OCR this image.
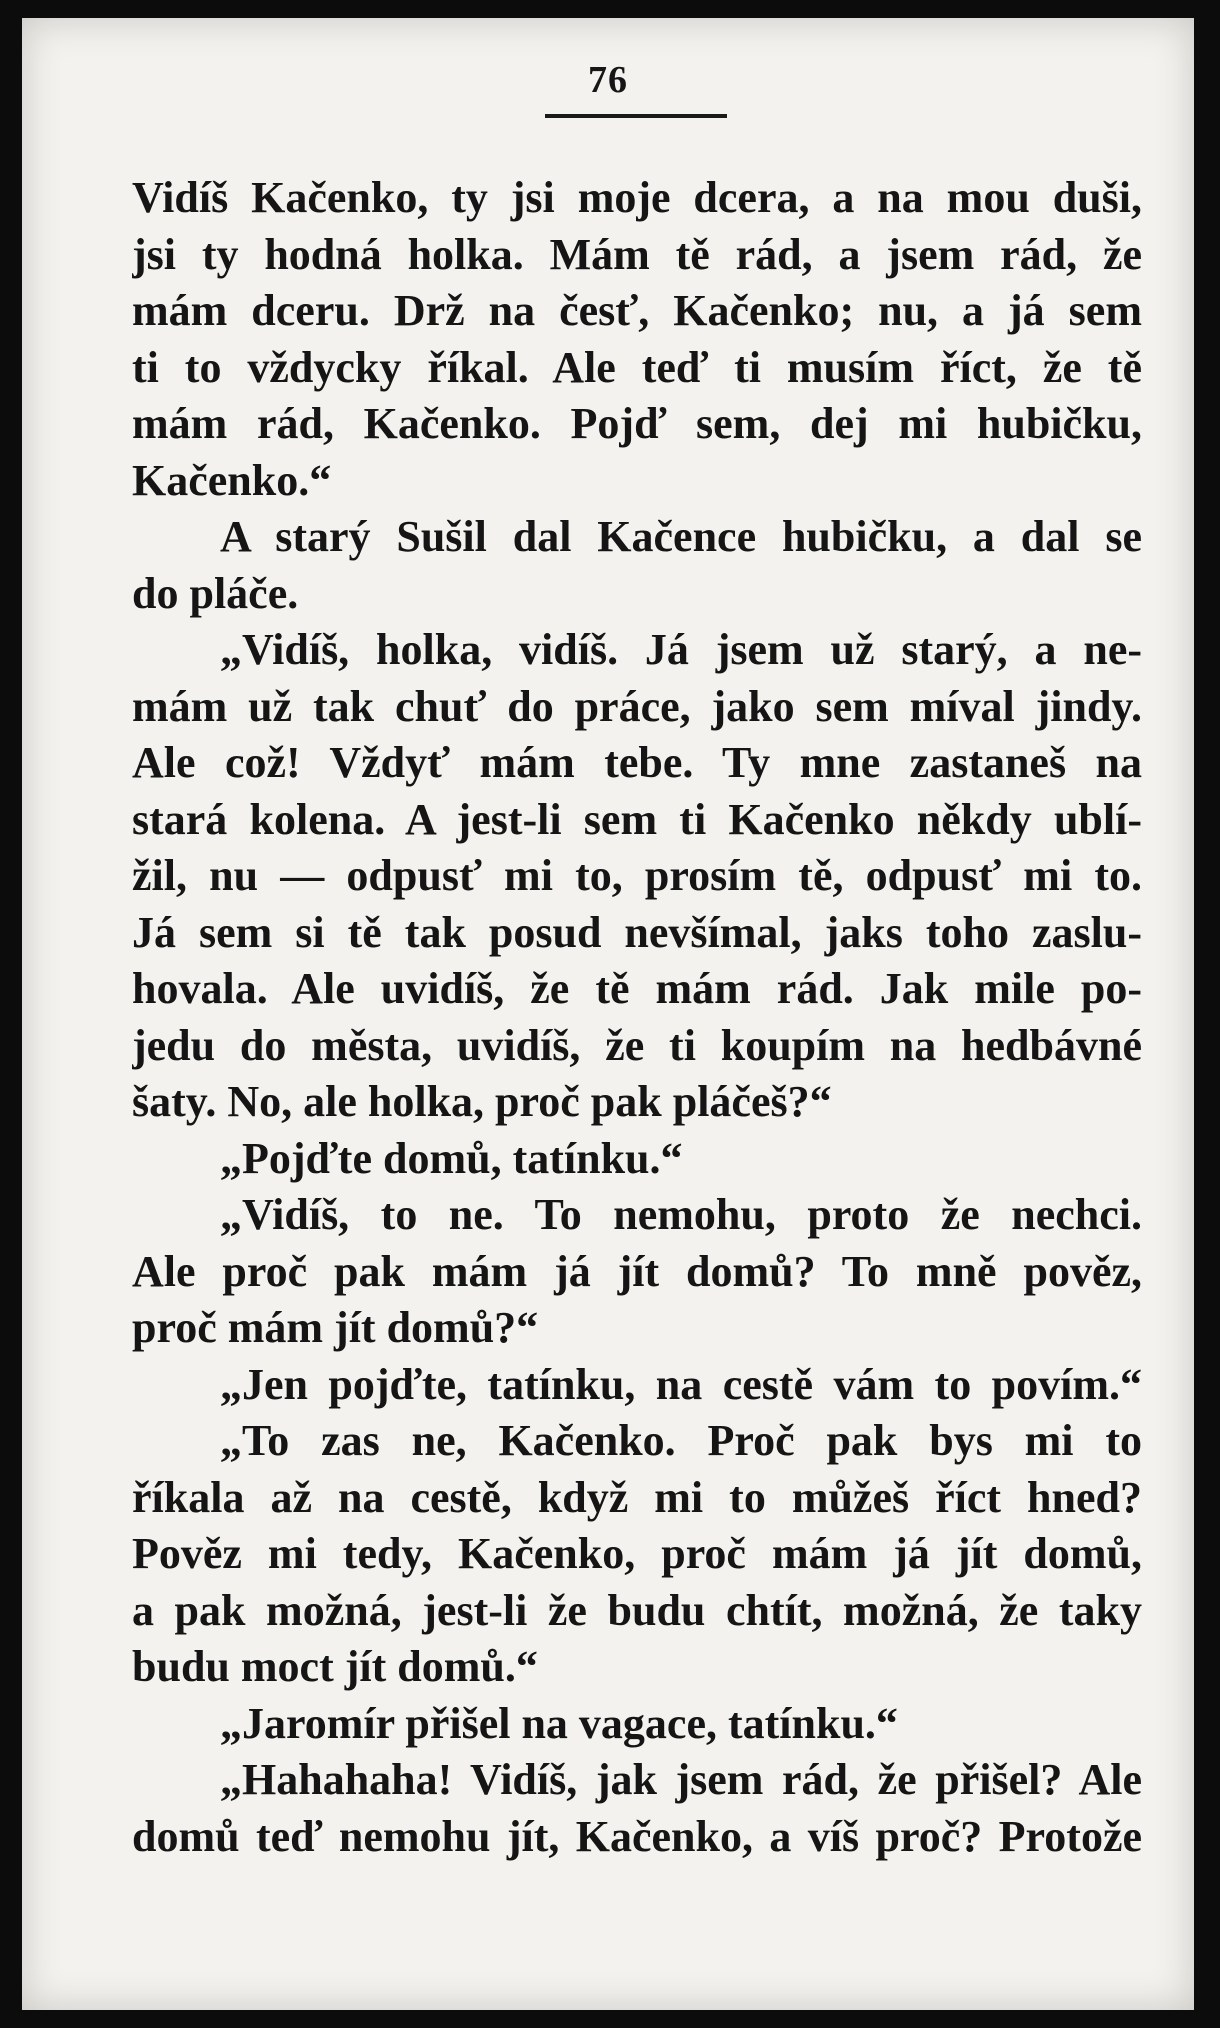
76
Vidíš Kačenko, ty jsi moje dcera, a na mou duši,
jsi ty hodná holka. Mám tě rád, a jsem rád, že
mám dceru. Drž na česť, Kačenko; nu, a já sem
ti to vždycky říkal. Ale teď ti musím říct, že tě
mám rád, Kačenko. Pojď sem, dej mi hubičku,
Kačenko.“
A starý Sušil dal Kačence hubičku, a dal se
do pláče.
„Vidíš, holka, vidíš. Já jsem už starý, a ne-
mám už tak chuť do práce, jako sem míval jindy.
Ale což! Vždyť mám tebe. Ty mne zastaneš na
stará kolena. A jest-li sem ti Kačenko někdy ublí-
žil, nu — odpusť mi to, prosím tě, odpusť mi to.
Já sem si tě tak posud nevšímal, jaks toho zaslu-
hovala. Ale uvidíš, že tě mám rád. Jak mile po-
jedu do města, uvidíš, že ti koupím na hedbávné
šaty. No, ale holka, proč pak pláčeš?“
„Pojďte domů, tatínku.“
„Vidíš, to ne. To nemohu, proto že nechci.
Ale proč pak mám já jít domů? To mně pověz,
proč mám jít domů?“
„Jen pojďte, tatínku, na cestě vám to povím.“
„To zas ne, Kačenko. Proč pak bys mi to
říkala až na cestě, když mi to můžeš říct hned?
Pověz mi tedy, Kačenko, proč mám já jít domů,
a pak možná, jest-li že budu chtít, možná, že taky
budu moct jít domů.“
„Jaromír přišel na vagace, tatínku.“
„Hahahaha! Vidíš, jak jsem rád, že přišel? Ale
domů teď nemohu jít, Kačenko, a víš proč? Protože
